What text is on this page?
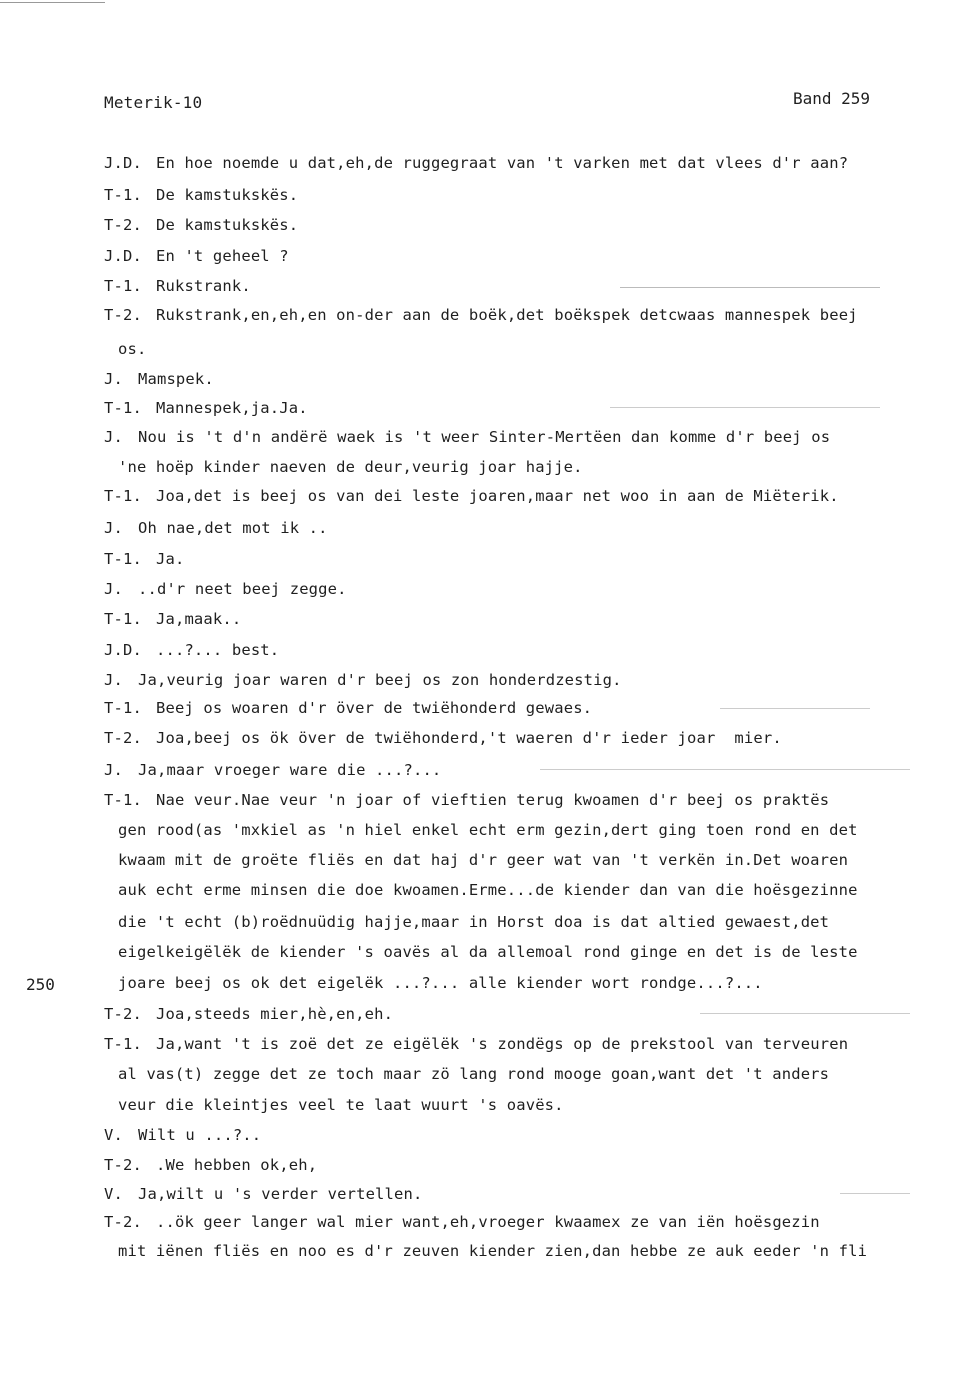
Meterik-10	Band 259
250
J.D. En hoe noemde u dat,eh,de ruggegraat van 't varken met dat vlees d'r aan?
T-1. De kamstukskës.
T-2. De kamstukskës.
J.D. En 't geheel ?
T-1. Rukstrank.
T-2. Rukstrank,en,eh,en on-der aan de boëk,det boëkspek detcwaas mannespek beej
os.
J. Mamspek.
T-1. Mannespek,ja.Ja.
J. Nou is 't d'n andërë waek is 't weer Sinter-Mertëen dan komme d'r beej os
'ne hoëp kinder naeven de deur,veurig joar hajje.
T-1. Joa,det is beej os van dei leste joaren,maar net woo in aan de Miëterik.
J. Oh nae,det mot ik ..
T-1. Ja.
J. ..d'r neet beej zegge.
T-1. Ja,maak..
J.D. ...?... best.
J. Ja,veurig joar waren d'r beej os zon honderdzestig.
T-1. Beej os woaren d'r över de twiëhonderd gewaes.
T-2. Joa,beej os ök över de twiëhonderd,'t waeren d'r ieder joar  mier.
J. Ja,maar vroeger ware die ...?...
T-1. Nae veur.Nae veur 'n joar of vieftien terug kwoamen d'r beej os praktës
gen rood(as 'mxkiel as 'n hiel enkel echt erm gezin,dert ging toen rond en det
kwaam mit de groëte fliës en dat haj d'r geer wat van 't verkën in.Det woaren
auk echt erme minsen die doe kwoamen.Erme...de kiender dan van die hoësgezinne
die 't echt (b)roëdnuüdig hajje,maar in Horst doa is dat altied gewaest,det
eigelkeigëlëk de kiender 's oavës al da allemoal rond ginge en det is de leste
joare beej os ok det eigelëk ...?... alle kiender wort rondge...?...
T-2. Joa,steeds mier,hè,en,eh.
T-1. Ja,want 't is zoë det ze eigëlëk 's zondëgs op de prekstool van terveuren
al vas(t) zegge det ze toch maar zö lang rond mooge goan,want det 't anders
veur die kleintjes veel te laat wuurt 's oavës.
V. Wilt u ...?..
T-2. .We hebben ok,eh,
V. Ja,wilt u 's verder vertellen.
T-2. ..ök geer langer wal mier want,eh,vroeger kwaamex ze van iën hoësgezin
mit iënen fliës en noo es d'r zeuven kiender zien,dan hebbe ze auk eeder 'n fli
